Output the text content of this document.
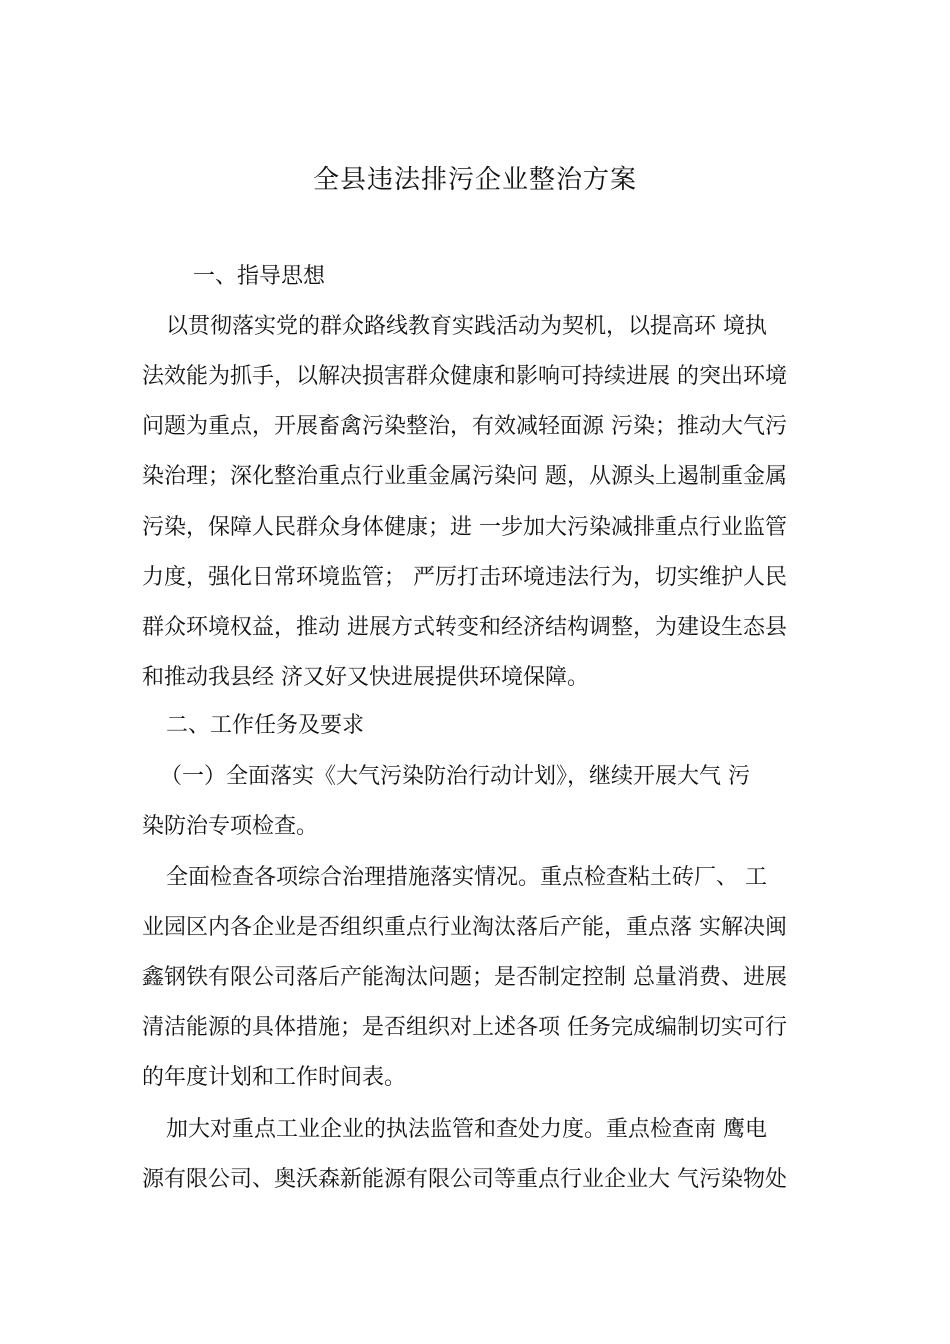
全县违法排污企业整治方案

　 　一、指导思想

以贯彻落实党的群众路线教育实践活动为契机，以提高环 境执

法效能为抓手，以解决损害群众健康和影响可持续进展 的突出环境

问题为重点，开展畜禽污染整治，有效减轻面源 污染；推动大气污

染治理；深化整治重点行业重金属污染问 题，从源头上遏制重金属

污染，保障人民群众身体健康；进 一步加大污染减排重点行业监管

力度，强化日常环境监管； 严厉打击环境违法行为，切实维护人民

群众环境权益，推动 进展方式转变和经济结构调整，为建设生态县

和推动我县经 济又好又快进展提供环境保障。

二、工作任务及要求

（一）全面落实《大气污染防治行动计划》，继续开展大气 污

染防治专项检查。

全面检查各项综合治理措施落实情况。重点检查粘土砖厂、 工

业园区内各企业是否组织重点行业淘汰落后产能，重点落 实解决闽

鑫钢铁有限公司落后产能淘汰问题；是否制定控制 总量消费、进展

清洁能源的具体措施；是否组织对上述各项 任务完成编制切实可行

的年度计划和工作时间表。

加大对重点工业企业的执法监管和查处力度。重点检查南 鹰电

源有限公司、奥沃森新能源有限公司等重点行业企业大 气污染物处
